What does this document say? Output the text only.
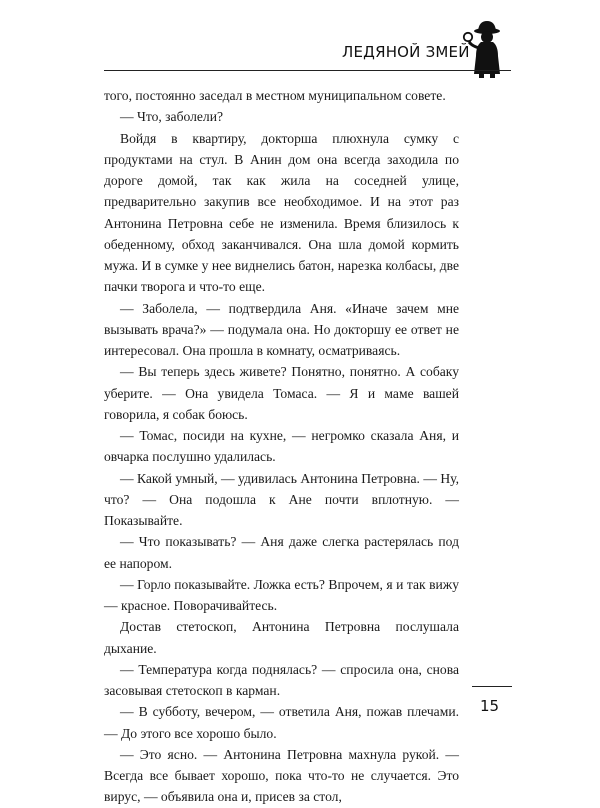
ЛЕДЯНОЙ ЗМЕЙ

того, постоянно заседал в местном муниципальном совете.

— Что, заболели?

Войдя в квартиру, докторша плюхнула сумку с продуктами на стул. В Анин дом она всегда заходила по дороге домой, так как жила на соседней улице, предварительно закупив все необходимое. И на этот раз Антонина Петровна себе не изменила. Время близилось к обеденному, обход заканчивался. Она шла домой кормить мужа. И в сумке у нее виднелись батон, нарезка колбасы, две пачки творога и что-то еще.

— Заболела, — подтвердила Аня. «Иначе зачем мне вызывать врача?» — подумала она. Но докторшу ее ответ не интересовал. Она прошла в комнату, осматриваясь.

— Вы теперь здесь живете? Понятно, понятно. А собаку уберите. — Она увидела Томаса. — Я и маме вашей говорила, я собак боюсь.

— Томас, посиди на кухне, — негромко сказала Аня, и овчарка послушно удалилась.

— Какой умный, — удивилась Антонина Петровна. — Ну, что? — Она подошла к Ане почти вплотную. — Показывайте.

— Что показывать? — Аня даже слегка растерялась под ее напором.

— Горло показывайте. Ложка есть? Впрочем, я и так вижу — красное. Поворачивайтесь.

Достав стетоскоп, Антонина Петровна послушала дыхание.

— Температура когда поднялась? — спросила она, снова засовывая стетоскоп в карман.

— В субботу, вечером, — ответила Аня, пожав плечами. — До этого все хорошо было.

— Это ясно. — Антонина Петровна махнула рукой. — Всегда все бывает хорошо, пока что-то не случается. Это вирус, — объявила она и, присев за стол,

15
